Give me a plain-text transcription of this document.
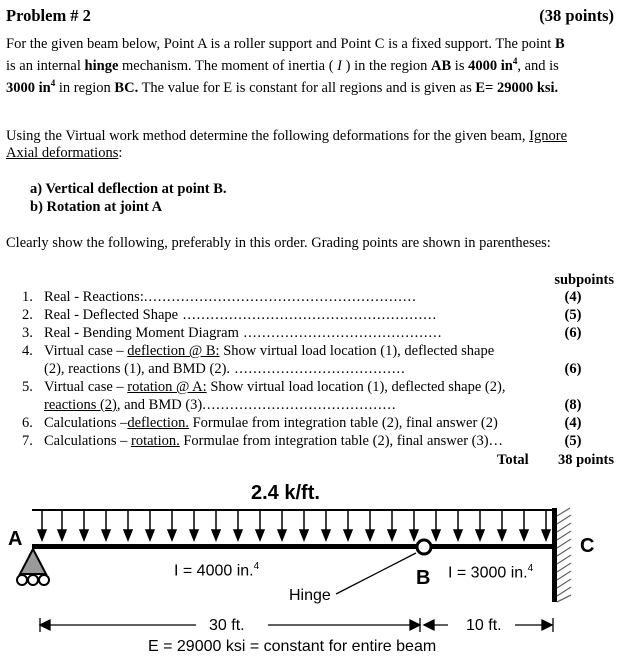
Problem # 2	(38 points)
For the given beam below, Point A is a roller support and Point C is a fixed support. The point B
is an internal hinge mechanism. The moment of inertia ( I ) in the region AB is 4000 $in^4$, and is
3000 $in^4$ in region BC. The value for E is constant for all regions and is given as E= 29000 ksi.
Using the Virtual work method determine the following deformations for the given beam, Ignore
Axial deformations:
a) Vertical deflection at point B.
b) Rotation at joint A
Clearly show the following, preferably in this order. Grading points are shown in parentheses:
subpoints
1. Real - Reactions:...........................................................	(4)
2. Real - Deflected Shape .......................................................	(5)
3. Real - Bending Moment Diagram ...........................................	(6)
4. Virtual case – deflection @ B: Show virtual load location (1), deflected shape
(2), reactions (1), and BMD (2). .....................................	(6)
5. Virtual case – rotation @ A: Show virtual load location (1), deflected shape (2),
reactions (2), and BMD (3)..........................................	(8)
6. Calculations –deflection. Formulae from integration table (2), final answer (2)	(4)
7. Calculations – rotation. Formulae from integration table (2), final answer (3)…	(5)
Total 38 points
2.4 k/ft.
A
B
C
I = 4000 in.$^4$	I = 3000 in.$^4$
Hinge
30 ft.	10 ft.
E = 29000 ksi = constant for entire beam
